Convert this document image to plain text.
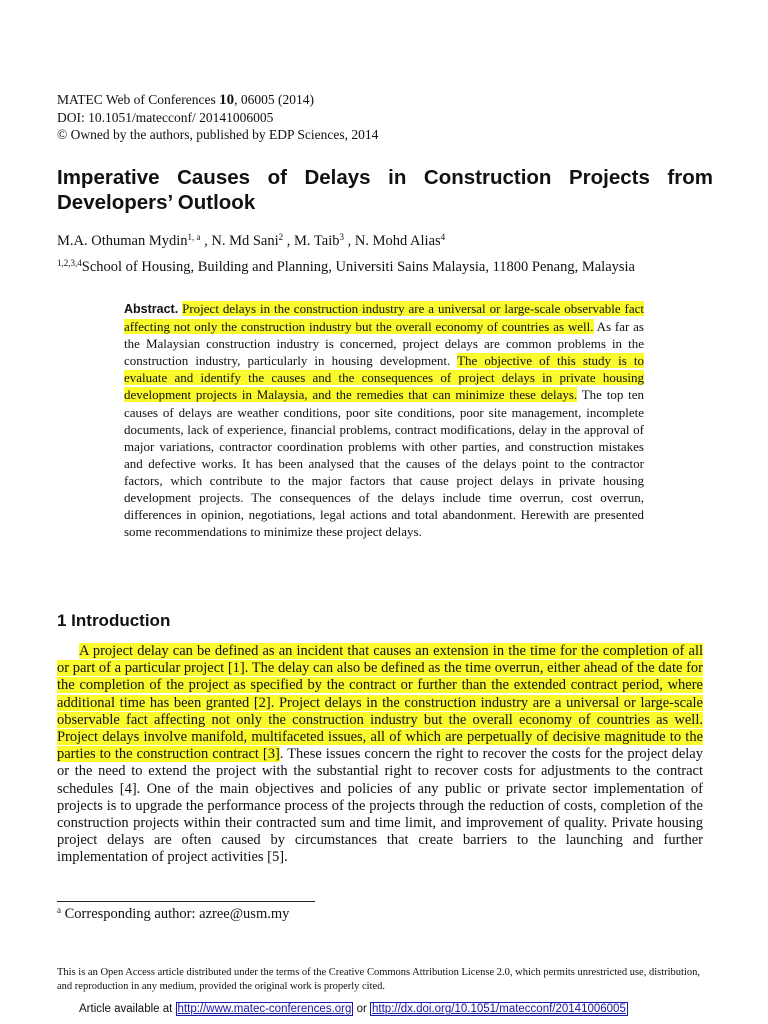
MATEC Web of Conferences 10, 06005 (2014)
DOI: 10.1051/matecconf/ 20141006005
© Owned by the authors, published by EDP Sciences, 2014
Imperative Causes of Delays in Construction Projects from Developers’ Outlook
M.A. Othuman Mydin$^{1, a}$ , N. Md Sani$^2$ , M. Taib$^3$ , N. Mohd Alias$^4$
$^{1,2,3,4}$School of Housing, Building and Planning, Universiti Sains Malaysia, 11800 Penang, Malaysia

Abstract. Project delays in the construction industry are a universal or large-scale observable fact affecting not only the construction industry but the overall economy of countries as well. As far as the Malaysian construction industry is concerned, project delays are common problems in the construction industry, particularly in housing development. The objective of this study is to evaluate and identify the causes and the consequences of project delays in private housing development projects in Malaysia, and the remedies that can minimize these delays. The top ten causes of delays are weather conditions, poor site conditions, poor site management, incomplete documents, lack of experience, financial problems, contract modifications, delay in the approval of major variations, contractor coordination problems with other parties, and construction mistakes and defective works. It has been analysed that the causes of the delays point to the contractor factors, which contribute to the major factors that cause project delays in private housing development projects. The consequences of the delays include time overrun, cost overrun, differences in opinion, negotiations, legal actions and total abandonment. Herewith are presented some recommendations to minimize these project delays.

1 Introduction

A project delay can be defined as an incident that causes an extension in the time for the completion of all or part of a particular project [1]. The delay can also be defined as the time overrun, either ahead of the date for the completion of the project as specified by the contract or further than the extended contract period, where additional time has been granted [2]. Project delays in the construction industry are a universal or large-scale observable fact affecting not only the construction industry but the overall economy of countries as well. Project delays involve manifold, multifaceted issues, all of which are perpetually of decisive magnitude to the parties to the construction contract [3]. These issues concern the right to recover the costs for the project delay or the need to extend the project with the substantial right to recover costs for adjustments to the contract schedules [4]. One of the main objectives and policies of any public or private sector implementation of projects is to upgrade the performance process of the projects through the reduction of costs, completion of the construction projects within their contracted sum and time limit, and improvement of quality. Private housing project delays are often caused by circumstances that create barriers to the launching and further implementation of project activities [5].

$^a$ Corresponding author: azree@usm.my

This is an Open Access article distributed under the terms of the Creative Commons Attribution License 2.0, which permits unrestricted use, distribution, and reproduction in any medium, provided the original work is properly cited.

Article available at http://www.matec-conferences.org or http://dx.doi.org/10.1051/matecconf/20141006005
